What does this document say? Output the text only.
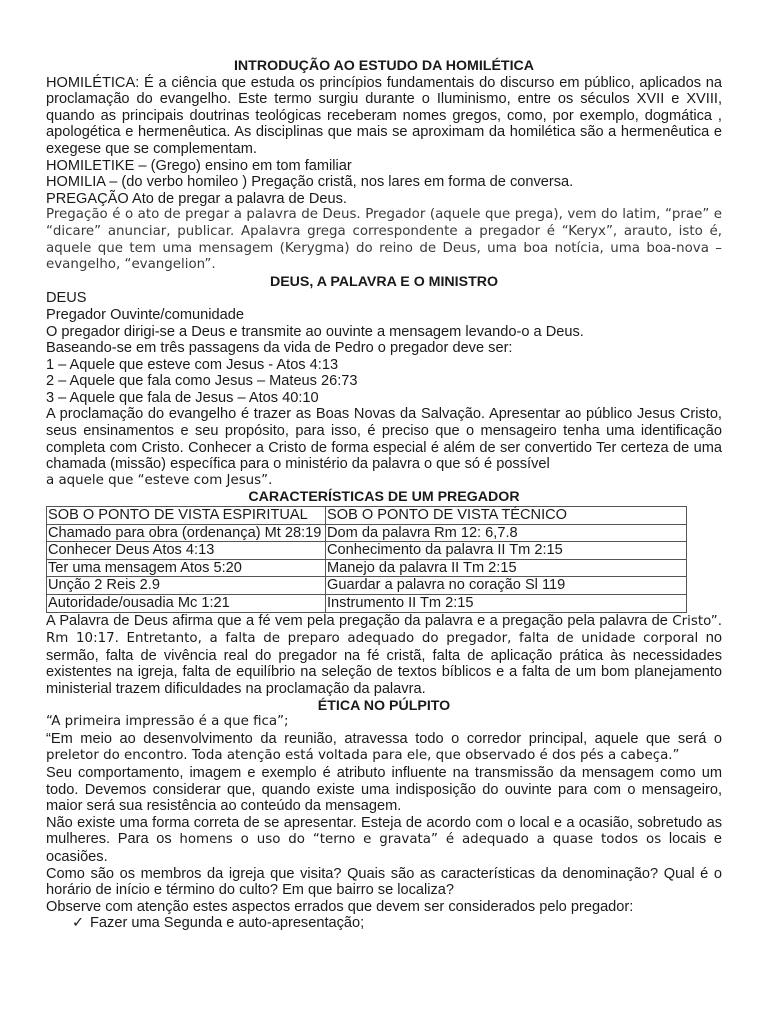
INTRODUÇÃO AO ESTUDO DA HOMILÉTICA
HOMILÉTICA: É a ciência que estuda os princípios fundamentais do discurso em público, aplicados na proclamação do evangelho. Este termo surgiu durante o Iluminismo, entre os séculos XVII e XVIII, quando as principais doutrinas teológicas receberam nomes gregos, como, por exemplo, dogmática , apologética e hermenêutica. As disciplinas que mais se aproximam da homilética são a hermenêutica e exegese que se complementam.
HOMILETIKE – (Grego) ensino em tom familiar
HOMILIA – (do verbo homileo ) Pregação cristã, nos lares em forma de conversa.
PREGAÇÃO Ato de pregar a palavra de Deus.
Pregação é o ato de pregar a palavra de Deus. Pregador (aquele que prega), vem do latim, “prae” e “dicare” anunciar, publicar. Apalavra grega correspondente a pregador é “Keryx”, arauto, isto é, aquele que tem uma mensagem (Kerygma) do reino de Deus, uma boa notícia, uma boa-nova – evangelho, “evangelion”.
DEUS, A PALAVRA E O MINISTRO
DEUS
Pregador Ouvinte/comunidade
O pregador dirigi-se a Deus e transmite ao ouvinte a mensagem levando-o a Deus.
Baseando-se em três passagens da vida de Pedro o pregador deve ser:
1 – Aquele que esteve com Jesus - Atos 4:13
2 – Aquele que fala como Jesus – Mateus 26:73
3 – Aquele que fala de Jesus – Atos 40:10
A proclamação do evangelho é trazer as Boas Novas da Salvação. Apresentar ao público Jesus Cristo, seus ensinamentos e seu propósito, para isso, é preciso que o mensageiro tenha uma identificação completa com Cristo. Conhecer a Cristo de forma especial é além de ser convertido Ter certeza de uma chamada (missão) específica para o ministério da palavra o que só é possível
a aquele que “esteve com Jesus”.
CARACTERÍSTICAS DE UM PREGADOR
SOB O PONTO DE VISTA ESPIRITUAL	SOB O PONTO DE VISTA TÉCNICO
Chamado para obra (ordenança) Mt 28:19	Dom da palavra Rm 12: 6,7.8
Conhecer Deus Atos 4:13	Conhecimento da palavra II Tm 2:15
Ter uma mensagem Atos 5:20	Manejo da palavra II Tm 2:15
Unção 2 Reis 2.9	Guardar a palavra no coração Sl 119
Autoridade/ousadia Mc 1:21	Instrumento II Tm 2:15
A Palavra de Deus afirma que a fé vem pela pregação da palavra e a pregação pela palavra de Cristo”. Rm 10:17. Entretanto, a falta de preparo adequado do pregador, falta de unidade corporal no sermão, falta de vivência real do pregador na fé cristã, falta de aplicação prática às necessidades existentes na igreja, falta de equilíbrio na seleção de textos bíblicos e a falta de um bom planejamento ministerial trazem dificuldades na proclamação da palavra.
ÉTICA NO PÚLPITO
“A primeira impressão é a que fica”;
“Em meio ao desenvolvimento da reunião, atravessa todo o corredor principal, aquele que será o preletor do encontro. Toda atenção está voltada para ele, que observado é dos pés a cabeça.”
Seu comportamento, imagem e exemplo é atributo influente na transmissão da mensagem como um todo. Devemos considerar que, quando existe uma indisposição do ouvinte para com o mensageiro, maior será sua resistência ao conteúdo da mensagem.
Não existe uma forma correta de se apresentar. Esteja de acordo com o local e a ocasião, sobretudo as mulheres. Para os homens o uso do “terno e gravata” é adequado a quase todos os locais e ocasiões.
Como são os membros da igreja que visita? Quais são as características da denominação? Qual é o horário de início e término do culto? Em que bairro se localiza?
Observe com atenção estes aspectos errados que devem ser considerados pelo pregador:
✓ Fazer uma Segunda e auto-apresentação;
